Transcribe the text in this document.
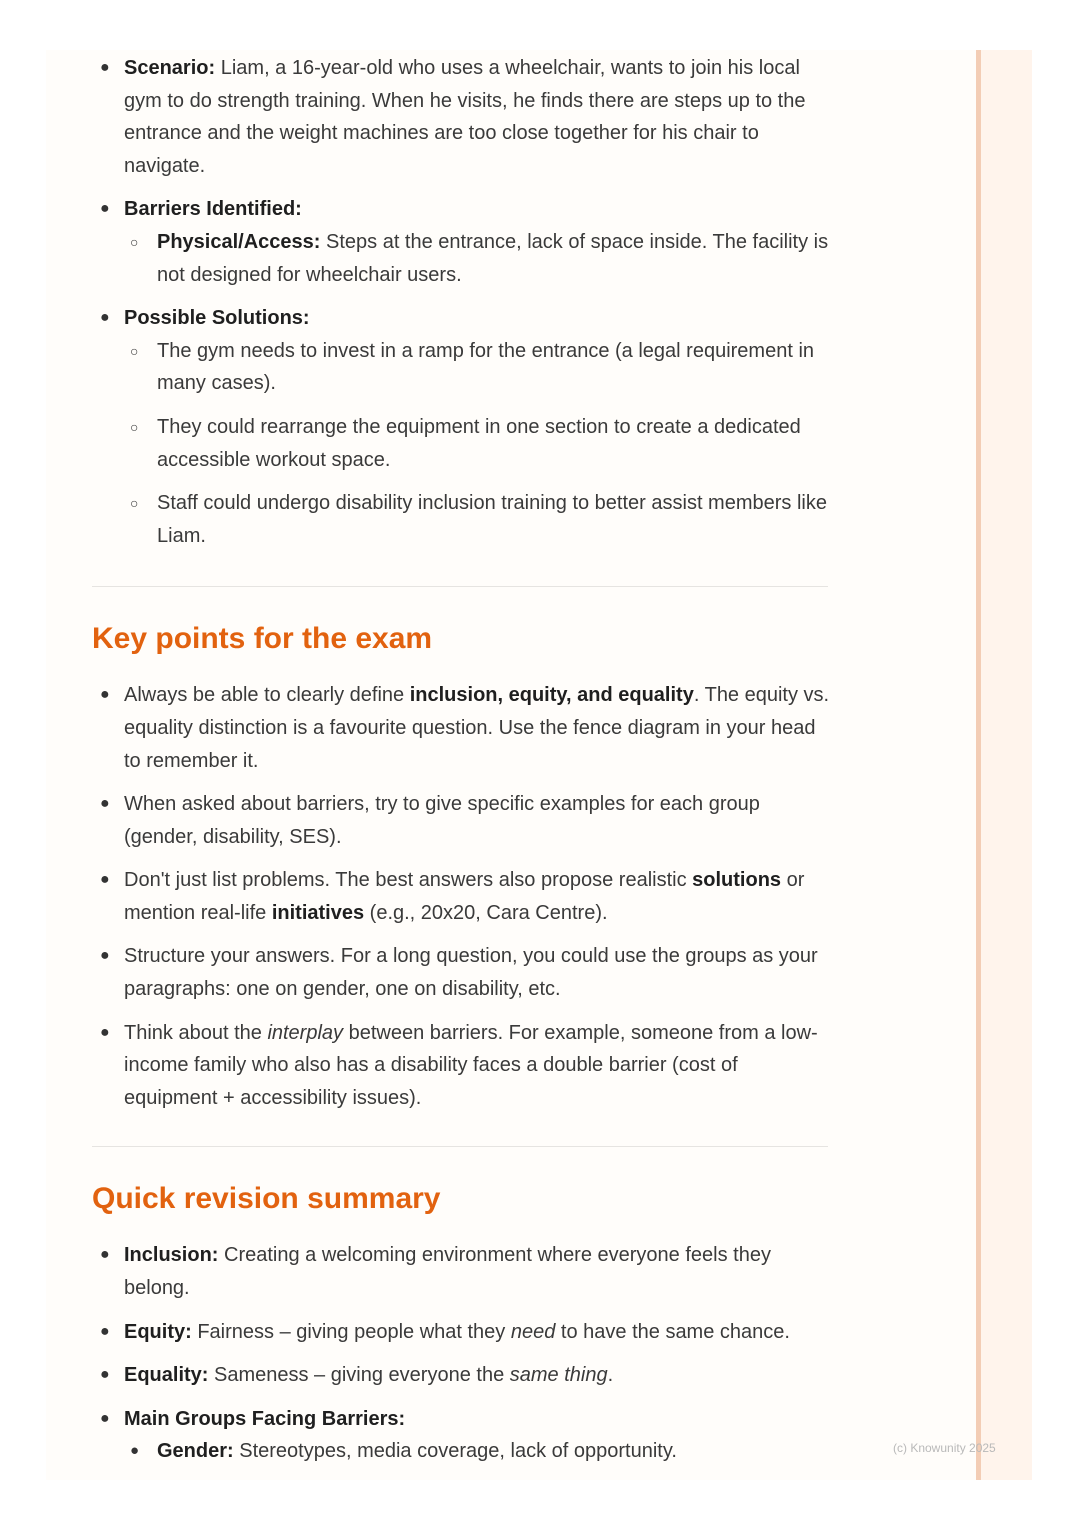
● Scenario: Liam, a 16-year-old who uses a wheelchair, wants to join his local gym to do strength training. When he visits, he finds there are steps up to the entrance and the weight machines are too close together for his chair to navigate.
● Barriers Identified:
○ Physical/Access: Steps at the entrance, lack of space inside. The facility is not designed for wheelchair users.
● Possible Solutions:
○ The gym needs to invest in a ramp for the entrance (a legal requirement in many cases).
○ They could rearrange the equipment in one section to create a dedicated accessible workout space.
○ Staff could undergo disability inclusion training to better assist members like Liam.
Key points for the exam
● Always be able to clearly define inclusion, equity, and equality. The equity vs. equality distinction is a favourite question. Use the fence diagram in your head to remember it.
● When asked about barriers, try to give specific examples for each group (gender, disability, SES).
● Don't just list problems. The best answers also propose realistic solutions or mention real-life initiatives (e.g., 20x20, Cara Centre).
● Structure your answers. For a long question, you could use the groups as your paragraphs: one on gender, one on disability, etc.
● Think about the interplay between barriers. For example, someone from a low-income family who also has a disability faces a double barrier (cost of equipment + accessibility issues).
Quick revision summary
● Inclusion: Creating a welcoming environment where everyone feels they belong.
● Equity: Fairness – giving people what they need to have the same chance.
● Equality: Sameness – giving everyone the same thing.
● Main Groups Facing Barriers:
● Gender: Stereotypes, media coverage, lack of opportunity.	(c) Knowunity 2025
